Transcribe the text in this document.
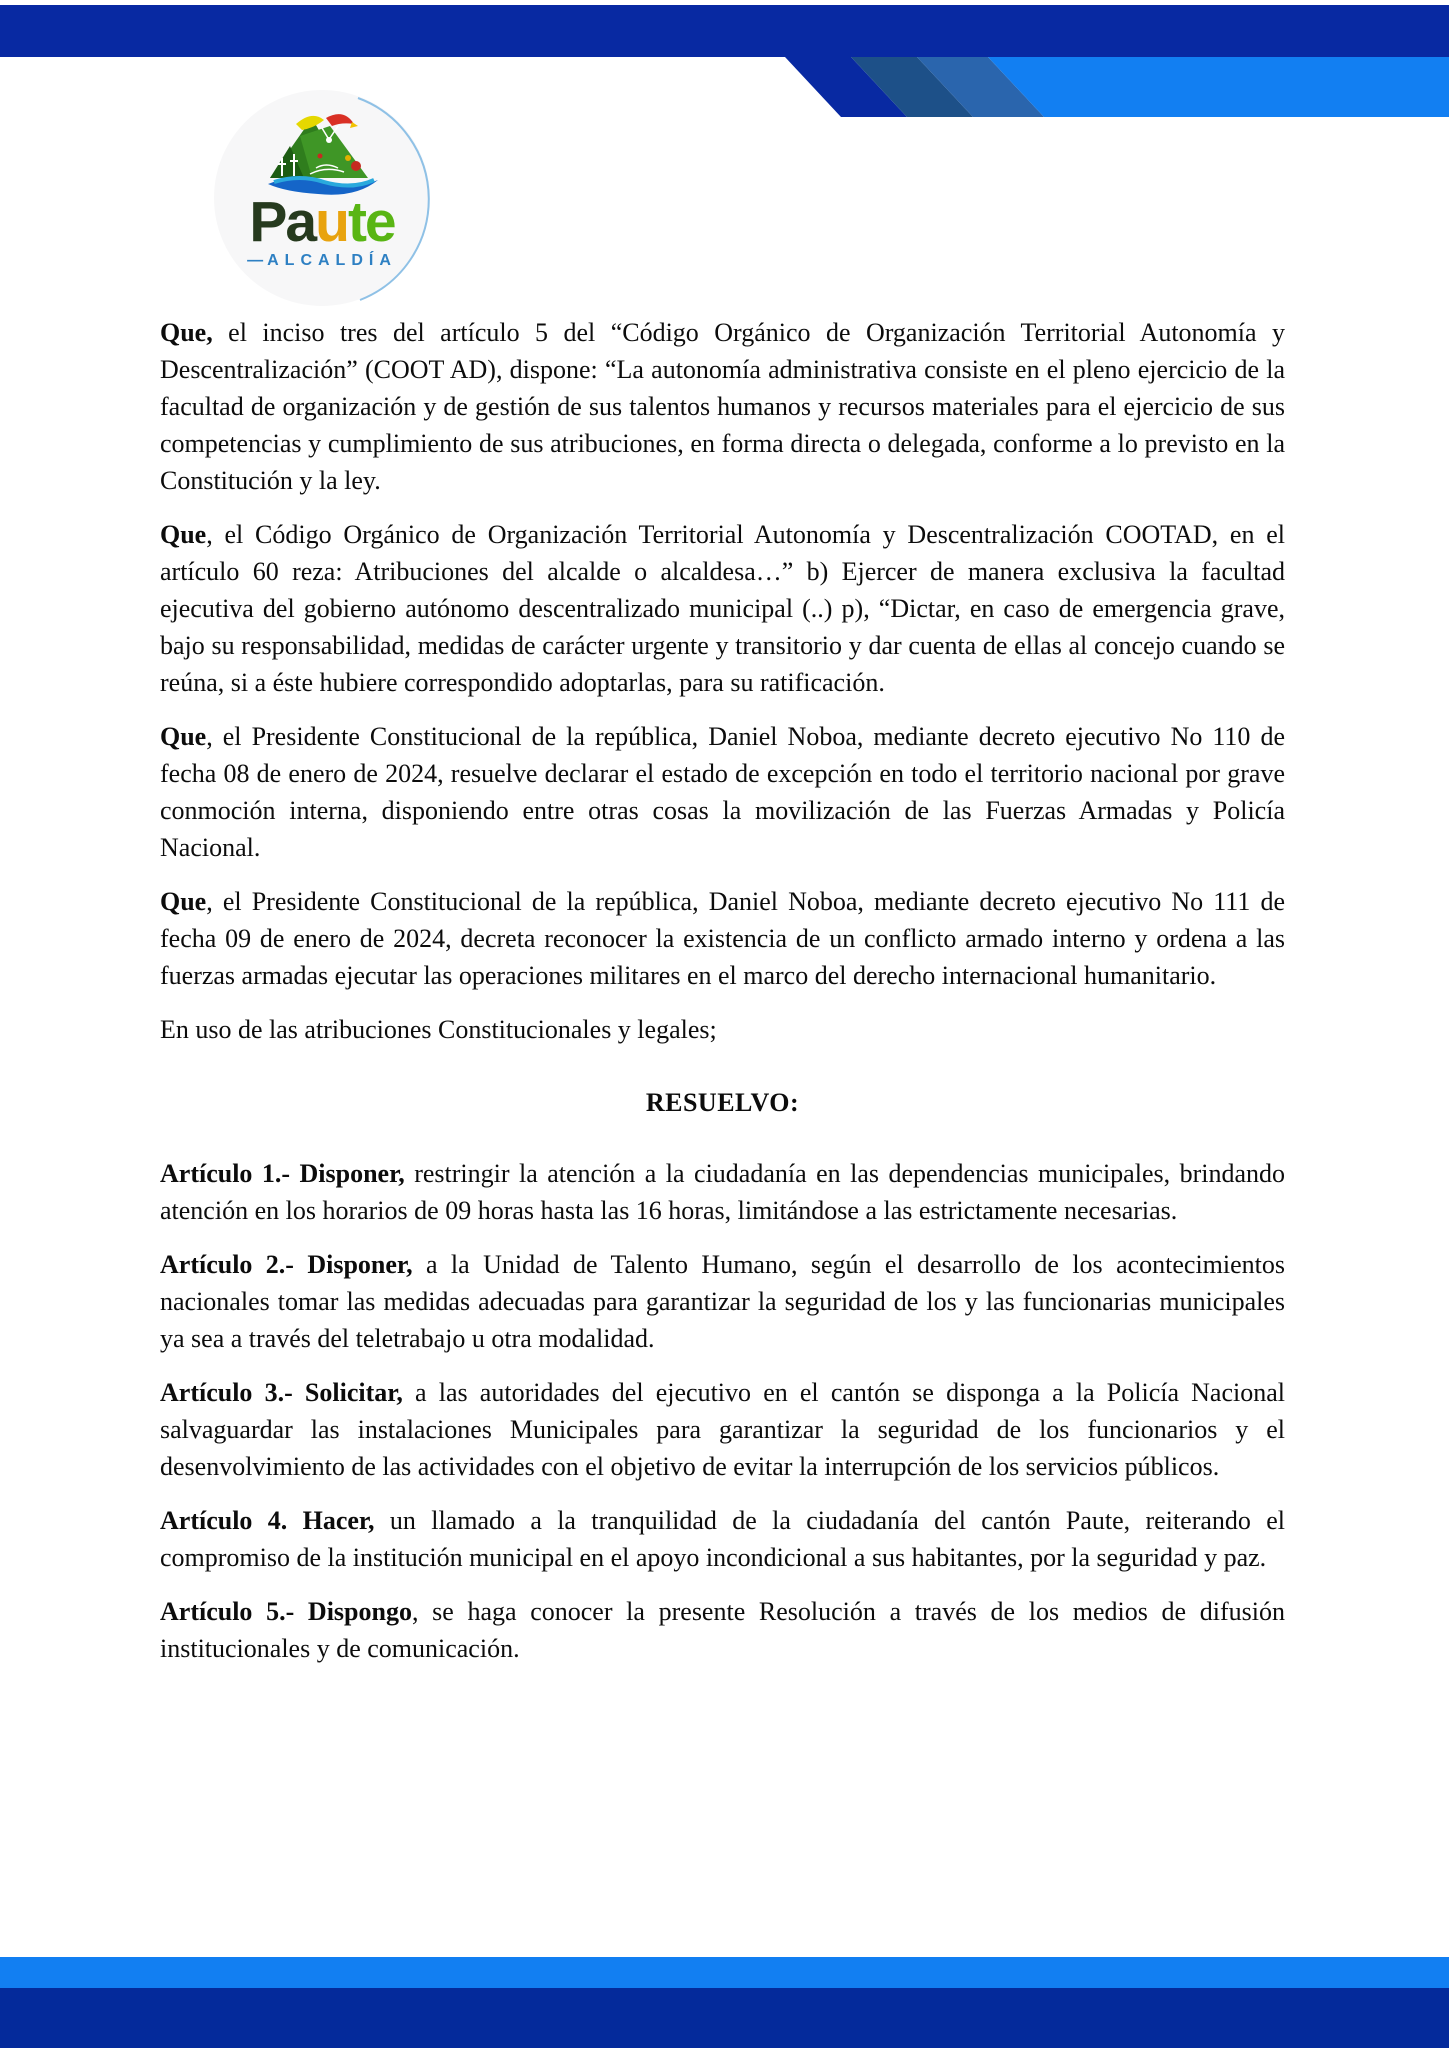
Paute
— ALCALDÍA

Que, el inciso tres del artículo 5 del “Código Orgánico de Organización Territorial Autonomía y Descentralización” (COOT AD), dispone: “La autonomía administrativa consiste en el pleno ejercicio de la facultad de organización y de gestión de sus talentos humanos y recursos materiales para el ejercicio de sus competencias y cumplimiento de sus atribuciones, en forma directa o delegada, conforme a lo previsto en la Constitución y la ley.

Que, el Código Orgánico de Organización Territorial Autonomía y Descentralización COOTAD, en el artículo 60 reza: Atribuciones del alcalde o alcaldesa…” b) Ejercer de manera exclusiva la facultad ejecutiva del gobierno autónomo descentralizado municipal (..) p), “Dictar, en caso de emergencia grave, bajo su responsabilidad, medidas de carácter urgente y transitorio y dar cuenta de ellas al concejo cuando se reúna, si a éste hubiere correspondido adoptarlas, para su ratificación.

Que, el Presidente Constitucional de la república, Daniel Noboa, mediante decreto ejecutivo No 110 de fecha 08 de enero de 2024, resuelve declarar el estado de excepción en todo el territorio nacional por grave conmoción interna, disponiendo entre otras cosas la movilización de las Fuerzas Armadas y Policía Nacional.

Que, el Presidente Constitucional de la república, Daniel Noboa, mediante decreto ejecutivo No 111 de fecha 09 de enero de 2024, decreta reconocer la existencia de un conflicto armado interno y ordena a las fuerzas armadas ejecutar las operaciones militares en el marco del derecho internacional humanitario.

En uso de las atribuciones Constitucionales y legales;

RESUELVO:

Artículo 1.- Disponer, restringir la atención a la ciudadanía en las dependencias municipales, brindando atención en los horarios de 09 horas hasta las 16 horas, limitándose a las estrictamente necesarias.

Artículo 2.- Disponer, a la Unidad de Talento Humano, según el desarrollo de los acontecimientos nacionales tomar las medidas adecuadas para garantizar la seguridad de los y las funcionarias municipales ya sea a través del teletrabajo u otra modalidad.

Artículo 3.- Solicitar, a las autoridades del ejecutivo en el cantón se disponga a la Policía Nacional salvaguardar las instalaciones Municipales para garantizar la seguridad de los funcionarios y el desenvolvimiento de las actividades con el objetivo de evitar la interrupción de los servicios públicos.

Artículo 4. Hacer, un llamado a la tranquilidad de la ciudadanía del cantón Paute, reiterando el compromiso de la institución municipal en el apoyo incondicional a sus habitantes, por la seguridad y paz.

Artículo 5.- Dispongo, se haga conocer la presente Resolución a través de los medios de difusión institucionales y de comunicación.
